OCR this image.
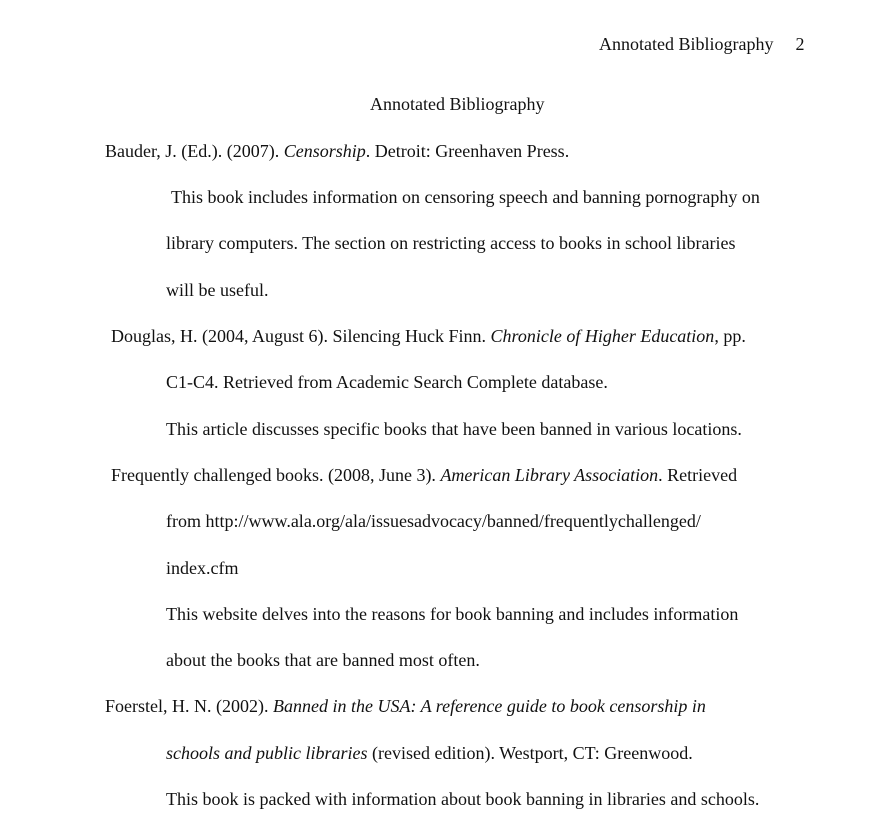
Annotated Bibliography 2
Annotated Bibliography
Bauder, J. (Ed.). (2007). Censorship. Detroit: Greenhaven Press.
This book includes information on censoring speech and banning pornography on
library computers. The section on restricting access to books in school libraries
will be useful.
Douglas, H. (2004, August 6). Silencing Huck Finn. Chronicle of Higher Education, pp.
C1-C4. Retrieved from Academic Search Complete database.
This article discusses specific books that have been banned in various locations.
Frequently challenged books. (2008, June 3). American Library Association. Retrieved
from http://www.ala.org/ala/issuesadvocacy/banned/frequentlychallenged/
index.cfm
This website delves into the reasons for book banning and includes information
about the books that are banned most often.
Foerstel, H. N. (2002). Banned in the USA: A reference guide to book censorship in
schools and public libraries (revised edition). Westport, CT: Greenwood.
This book is packed with information about book banning in libraries and schools.
